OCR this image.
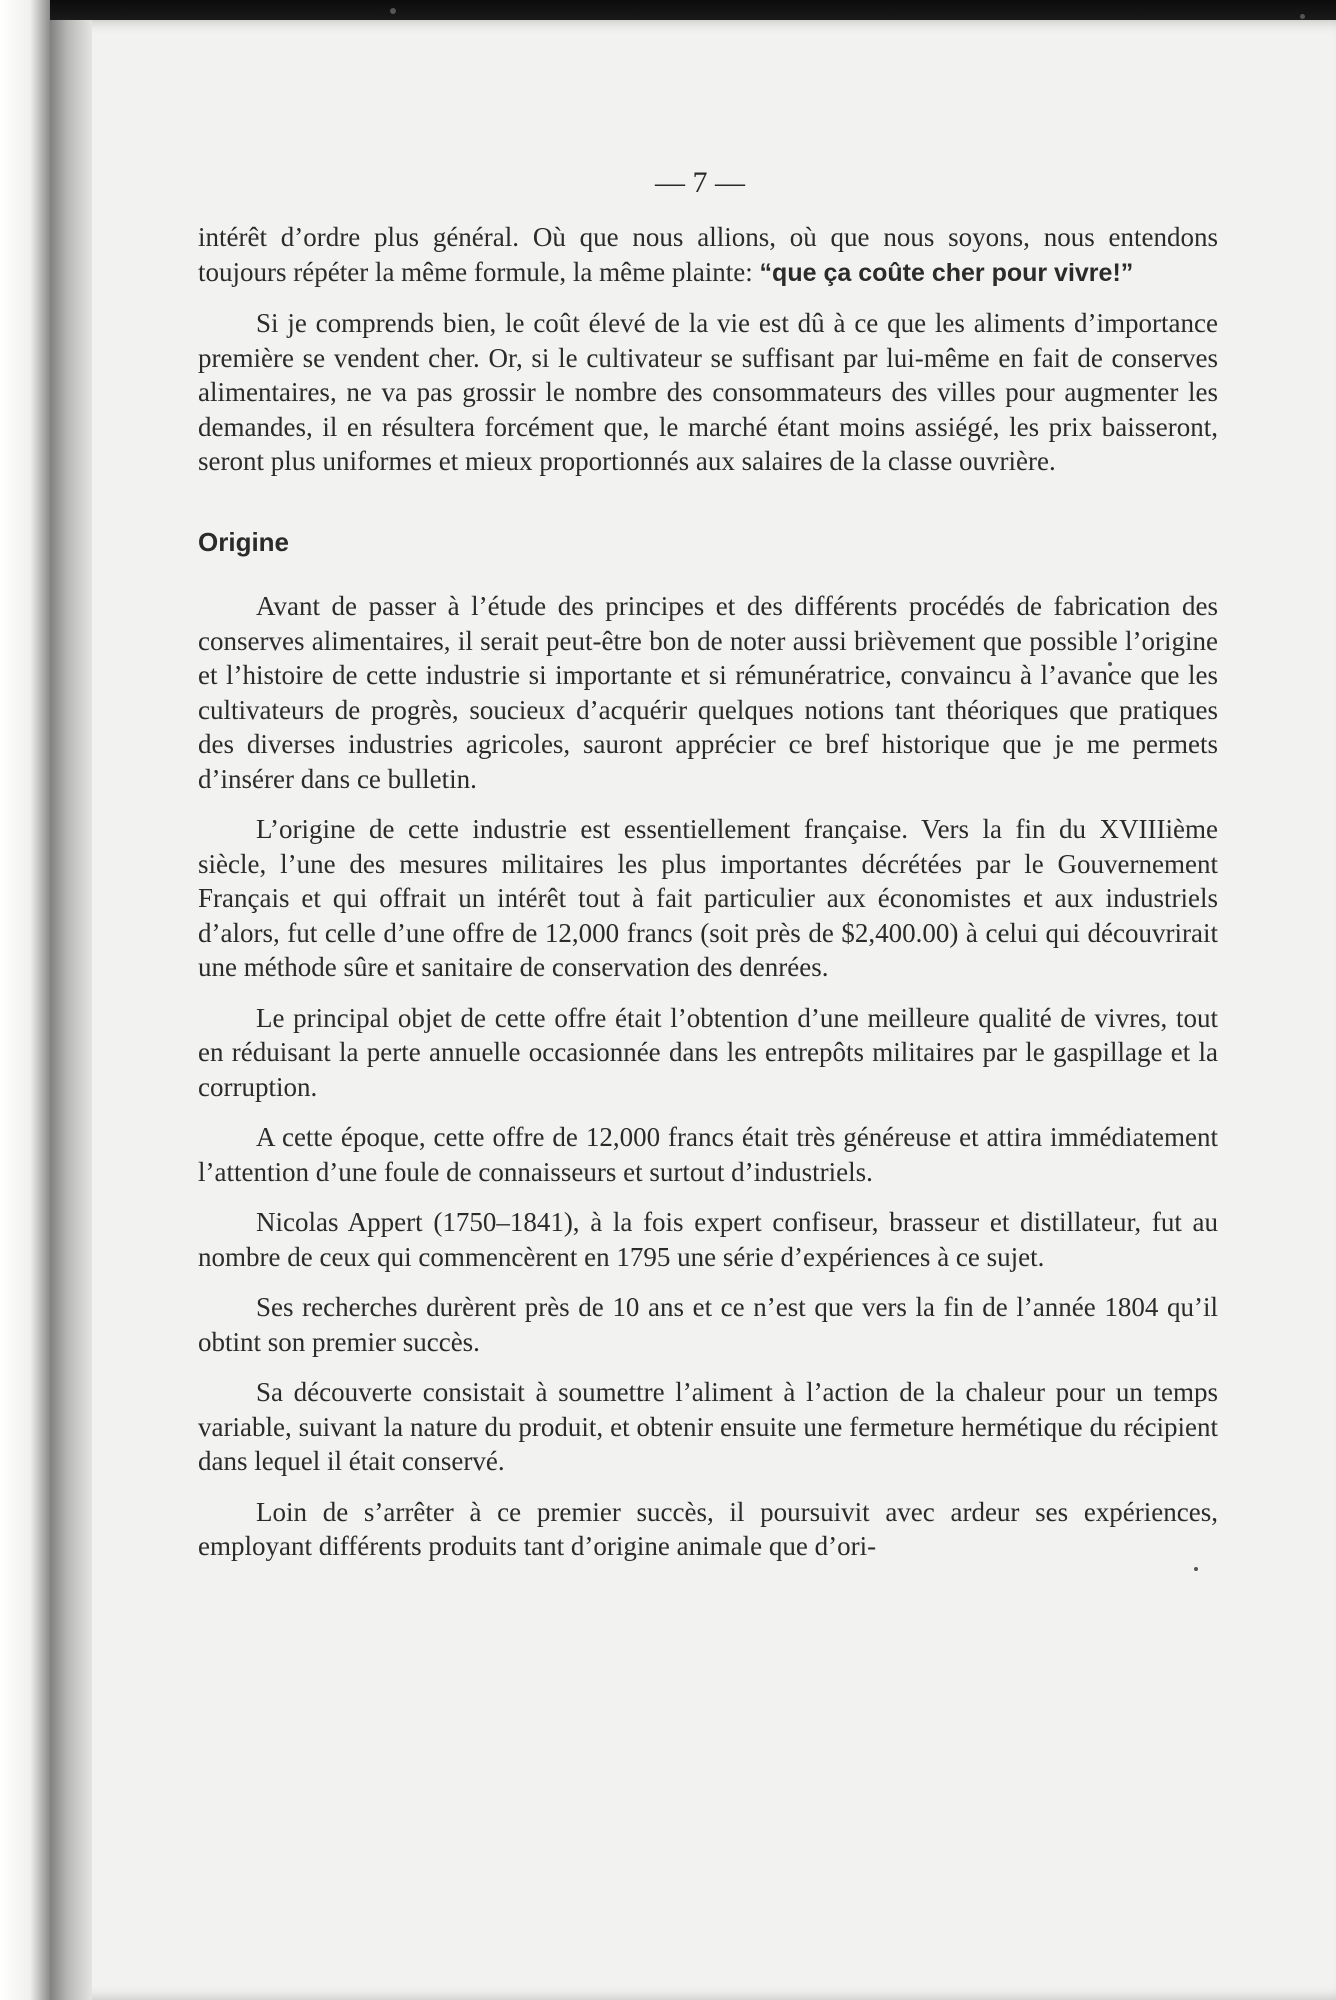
— 7 —

intérêt d’ordre plus général. Où que nous allions, où que nous soyons, nous entendons toujours répéter la même formule, la même plainte: “que ça coûte cher pour vivre!”

Si je comprends bien, le coût élevé de la vie est dû à ce que les aliments d’importance première se vendent cher. Or, si le cultivateur se suffisant par lui-même en fait de conserves alimentaires, ne va pas grossir le nombre des consommateurs des villes pour augmenter les demandes, il en résultera forcément que, le marché étant moins assiégé, les prix baisseront, seront plus uniformes et mieux proportionnés aux salaires de la classe ouvrière.

Origine

Avant de passer à l’étude des principes et des différents procédés de fabrication des conserves alimentaires, il serait peut-être bon de noter aussi brièvement que possible l’origine et l’histoire de cette industrie si importante et si rémunératrice, convaincu à l’avance que les cultivateurs de progrès, soucieux d’acquérir quelques notions tant théoriques que pratiques des diverses industries agricoles, sauront apprécier ce bref historique que je me permets d’insérer dans ce bulletin.

L’origine de cette industrie est essentiellement française. Vers la fin du XVIIIième siècle, l’une des mesures militaires les plus importantes décrétées par le Gouvernement Français et qui offrait un intérêt tout à fait particulier aux économistes et aux industriels d’alors, fut celle d’une offre de 12,000 francs (soit près de $2,400.00) à celui qui découvrirait une méthode sûre et sanitaire de conservation des denrées.

Le principal objet de cette offre était l’obtention d’une meilleure qualité de vivres, tout en réduisant la perte annuelle occasionnée dans les entrepôts militaires par le gaspillage et la corruption.

A cette époque, cette offre de 12,000 francs était très généreuse et attira immédiatement l’attention d’une foule de connaisseurs et surtout d’industriels.

Nicolas Appert (1750–1841), à la fois expert confiseur, brasseur et distillateur, fut au nombre de ceux qui commencèrent en 1795 une série d’expériences à ce sujet.

Ses recherches durèrent près de 10 ans et ce n’est que vers la fin de l’année 1804 qu’il obtint son premier succès.

Sa découverte consistait à soumettre l’aliment à l’action de la chaleur pour un temps variable, suivant la nature du produit, et obtenir ensuite une fermeture hermétique du récipient dans lequel il était conservé.

Loin de s’arrêter à ce premier succès, il poursuivit avec ardeur ses expériences, employant différents produits tant d’origine animale que d’ori-
